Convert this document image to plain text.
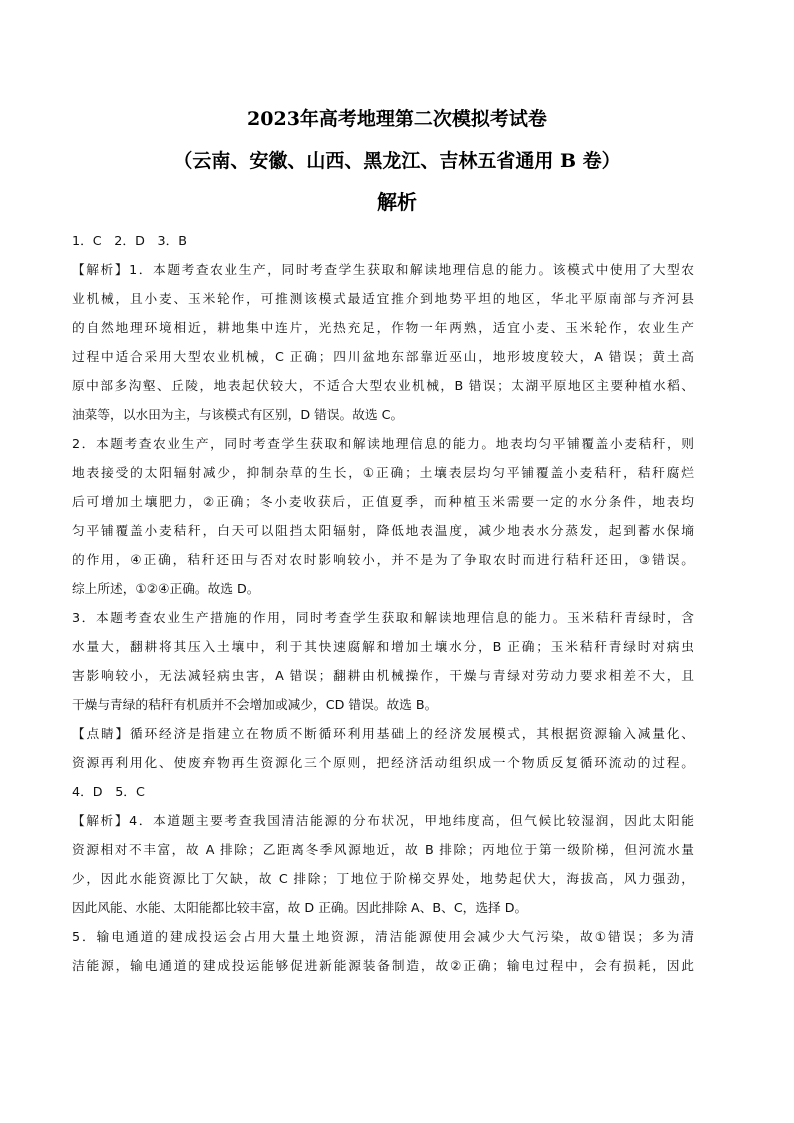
2023年高考地理第二次模拟考试卷
（云南、安徽、山西、黑龙江、吉林五省通用 B 卷）
解析
1．C　2．D　3．B
【解析】1．本题考查农业生产，同时考查学生获取和解读地理信息的能力。该模式中使用了大型农
业机械，且小麦、玉米轮作，可推测该模式最适宜推介到地势平坦的地区，华北平原南部与齐河县
的自然地理环境相近，耕地集中连片，光热充足，作物一年两熟，适宜小麦、玉米轮作，农业生产
过程中适合采用大型农业机械，C 正确；四川盆地东部靠近巫山，地形坡度较大，A 错误；黄土高
原中部多沟壑、丘陵，地表起伏较大，不适合大型农业机械，B 错误；太湖平原地区主要种植水稻、
油菜等，以水田为主，与该模式有区别，D 错误。故选 C。
2．本题考查农业生产，同时考查学生获取和解读地理信息的能力。地表均匀平铺覆盖小麦秸秆，则
地表接受的太阳辐射减少，抑制杂草的生长，①正确；土壤表层均匀平铺覆盖小麦秸秆，秸秆腐烂
后可增加土壤肥力，②正确；冬小麦收获后，正值夏季，而种植玉米需要一定的水分条件，地表均
匀平铺覆盖小麦秸秆，白天可以阻挡太阳辐射，降低地表温度，减少地表水分蒸发，起到蓄水保墒
的作用，④正确，秸秆还田与否对农时影响较小，并不是为了争取农时而进行秸秆还田，③错误。
综上所述，①②④正确。故选 D。
3．本题考查农业生产措施的作用，同时考查学生获取和解读地理信息的能力。玉米秸秆青绿时，含
水量大，翻耕将其压入土壤中，利于其快速腐解和增加土壤水分，B 正确；玉米秸秆青绿时对病虫
害影响较小，无法减轻病虫害，A 错误；翻耕由机械操作，干燥与青绿对劳动力要求相差不大，且
干燥与青绿的秸秆有机质并不会增加或减少，CD 错误。故选 B。
【点睛】循环经济是指建立在物质不断循环利用基础上的经济发展模式，其根据资源输入减量化、
资源再利用化、使废弃物再生资源化三个原则，把经济活动组织成一个物质反复循环流动的过程。
4．D　5．C
【解析】4．本道题主要考查我国清洁能源的分布状况，甲地纬度高，但气候比较湿润，因此太阳能
资源相对不丰富，故 A 排除；乙距离冬季风源地近，故 B 排除；丙地位于第一级阶梯，但河流水量
少，因此水能资源比丁欠缺，故 C 排除；丁地位于阶梯交界处，地势起伏大，海拔高，风力强劲，
因此风能、水能、太阳能都比较丰富，故 D 正确。因此排除 A、B、C，选择 D。
5．输电通道的建成投运会占用大量土地资源，清洁能源使用会减少大气污染，故①错误；多为清
洁能源，输电通道的建成投运能够促进新能源装备制造，故②正确；输电过程中，会有损耗，因此
